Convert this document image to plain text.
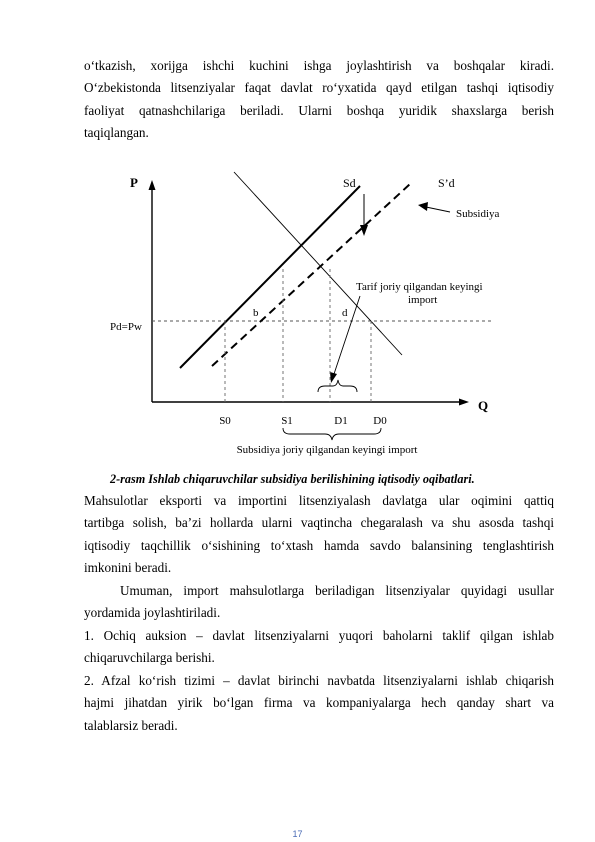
o‘tkazish, xorijga ishchi kuchini ishga joylashtirish va boshqalar kiradi.
O‘zbekistonda litsenziyalar faqat davlat ro‘yxatida qayd etilgan tashqi iqtisodiy
faoliyat qatnashchilariga beriladi. Ularni boshqa yuridik shaxslarga berish
taqiqlangan.

P
Q
Pd=Pw
Sd	S’d
Subsidiya
Tarif joriy qilgandan keyingi
import
b	d
S0	S1	D1 D0
Subsidiya joriy qilgandan keyingi import
2-rasm Ishlab chiqaruvchilar subsidiya berilishining iqtisodiy oqibatlari.

Mahsulotlar eksporti va importini litsenziyalash davlatga ular oqimini qattiq
tartibga solish, ba’zi hollarda ularni vaqtincha chegaralash va shu asosda tashqi
iqtisodiy taqchillik o‘sishining to‘xtash hamda savdo balansining tenglashtirish
imkonini beradi.

Umuman, import mahsulotlarga beriladigan litsenziyalar quyidagi usullar
yordamida joylashtiriladi.

1. Ochiq auksion – davlat litsenziyalarni yuqori baholarni taklif qilgan ishlab
chiqaruvchilarga berishi.

2. Afzal ko‘rish tizimi – davlat birinchi navbatda litsenziyalarni ishlab chiqarish
hajmi jihatdan yirik bo‘lgan firma va kompaniyalarga hech qanday shart va
talablarsiz beradi.

17
